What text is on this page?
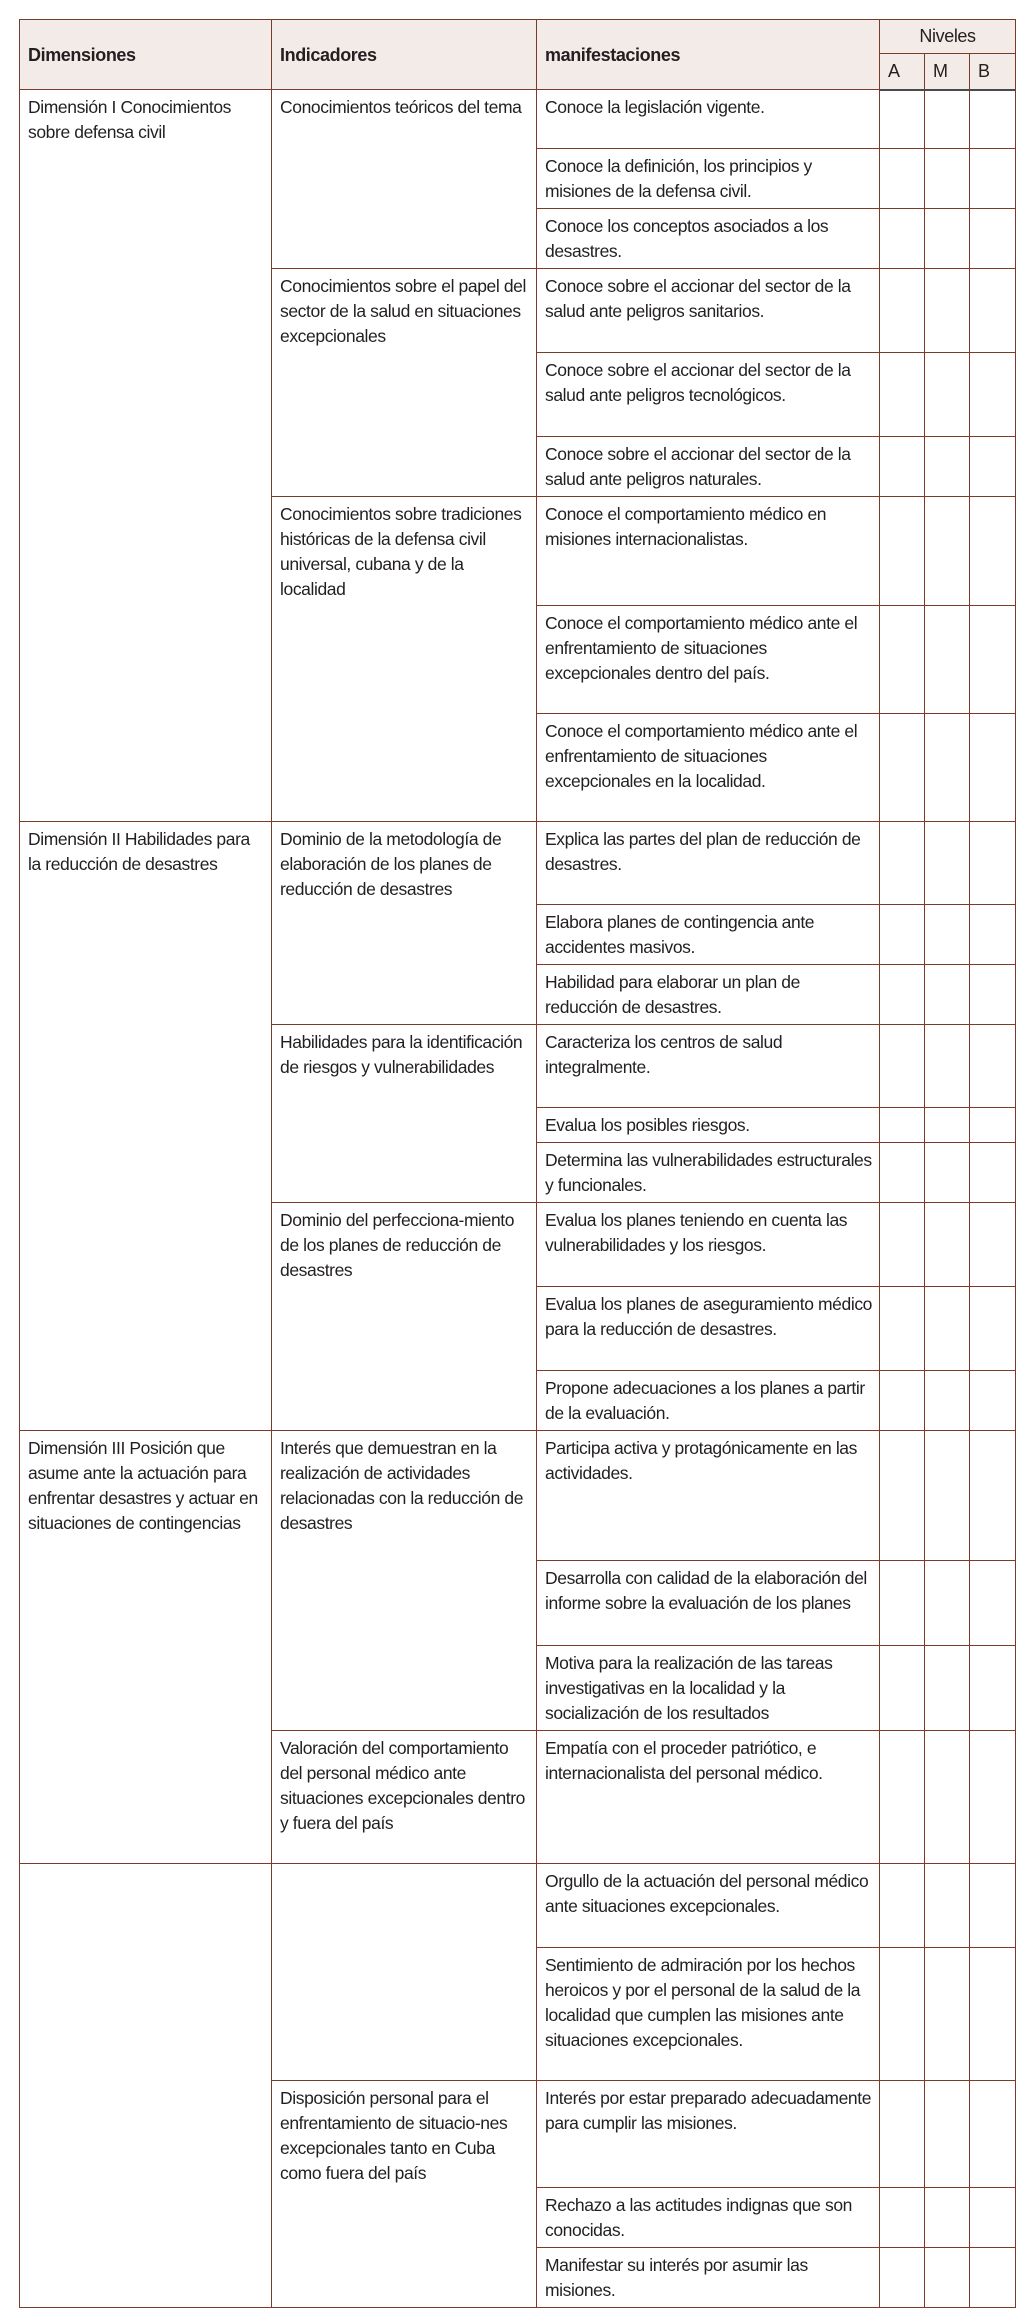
Dimensiones	Indicadores	manifestaciones	Niveles		
			A	M	B
Dimensión I Conocimientos sobre defensa civil	Conocimientos teóricos del tema	Conoce la legislación vigente.			
		Conoce la definición, los principios y misiones de la defensa civil.			
		Conoce los conceptos asociados a los desastres.			
	Conocimientos sobre el papel del sector de la salud en situaciones excepcionales	Conoce sobre el accionar del sector de la salud ante peligros sanitarios.			
		Conoce sobre el accionar del sector de la salud ante peligros tecnológicos.			
		Conoce sobre el accionar del sector de la salud ante peligros naturales.			
	Conocimientos sobre tradiciones históricas de la defensa civil universal, cubana y de la localidad	Conoce el comportamiento médico en misiones internacionalistas.			
		Conoce el comportamiento médico ante el enfrentamiento de situaciones excepcionales dentro del país.			
		Conoce el comportamiento médico ante el enfrentamiento de situaciones excepcionales en la localidad.			
Dimensión II Habilidades para la reducción de desastres	Dominio de la metodología de elaboración de los planes de reducción de desastres	Explica las partes del plan de reducción de desastres.			
		Elabora planes de contingencia ante accidentes masivos.			
		Habilidad para elaborar un plan de reducción de desastres.			
	Habilidades para la identificación de riesgos y vulnerabilidades	Caracteriza los centros de salud integralmente.			
		Evalua los posibles riesgos.			
		Determina las vulnerabilidades estructurales y funcionales.			
	Dominio del perfecciona-miento de los planes de reducción de desastres	Evalua los planes teniendo en cuenta las vulnerabilidades y los riesgos.			
		Evalua los planes de aseguramiento médico para la reducción de desastres.			
		Propone adecuaciones a los planes a partir de la evaluación.			
Dimensión III Posición que asume ante la actuación para enfrentar desastres y actuar en situaciones de contingencias	Interés que demuestran en la realización de actividades relacionadas con la reducción de desastres	Participa activa y protagónicamente en las actividades.			
		Desarrolla con calidad de la elaboración del informe sobre la evaluación de los planes			
		Motiva para la realización de las tareas investigativas en la localidad y la socialización de los resultados			
	Valoración del comportamiento del personal médico ante situaciones excepcionales dentro y fuera del país	Empatía con el proceder patriótico, e internacionalista del personal médico.			
		Orgullo de la actuación del personal médico ante situaciones excepcionales.			
		Sentimiento de admiración por los hechos heroicos y por el personal de la salud de la localidad que cumplen las misiones ante situaciones excepcionales.			
	Disposición personal para el enfrentamiento de situacio-nes excepcionales tanto en Cuba como fuera del país	Interés por estar preparado adecuadamente para cumplir las misiones.			
		Rechazo a las actitudes indignas que son conocidas.			
		Manifestar su interés por asumir las misiones.			
